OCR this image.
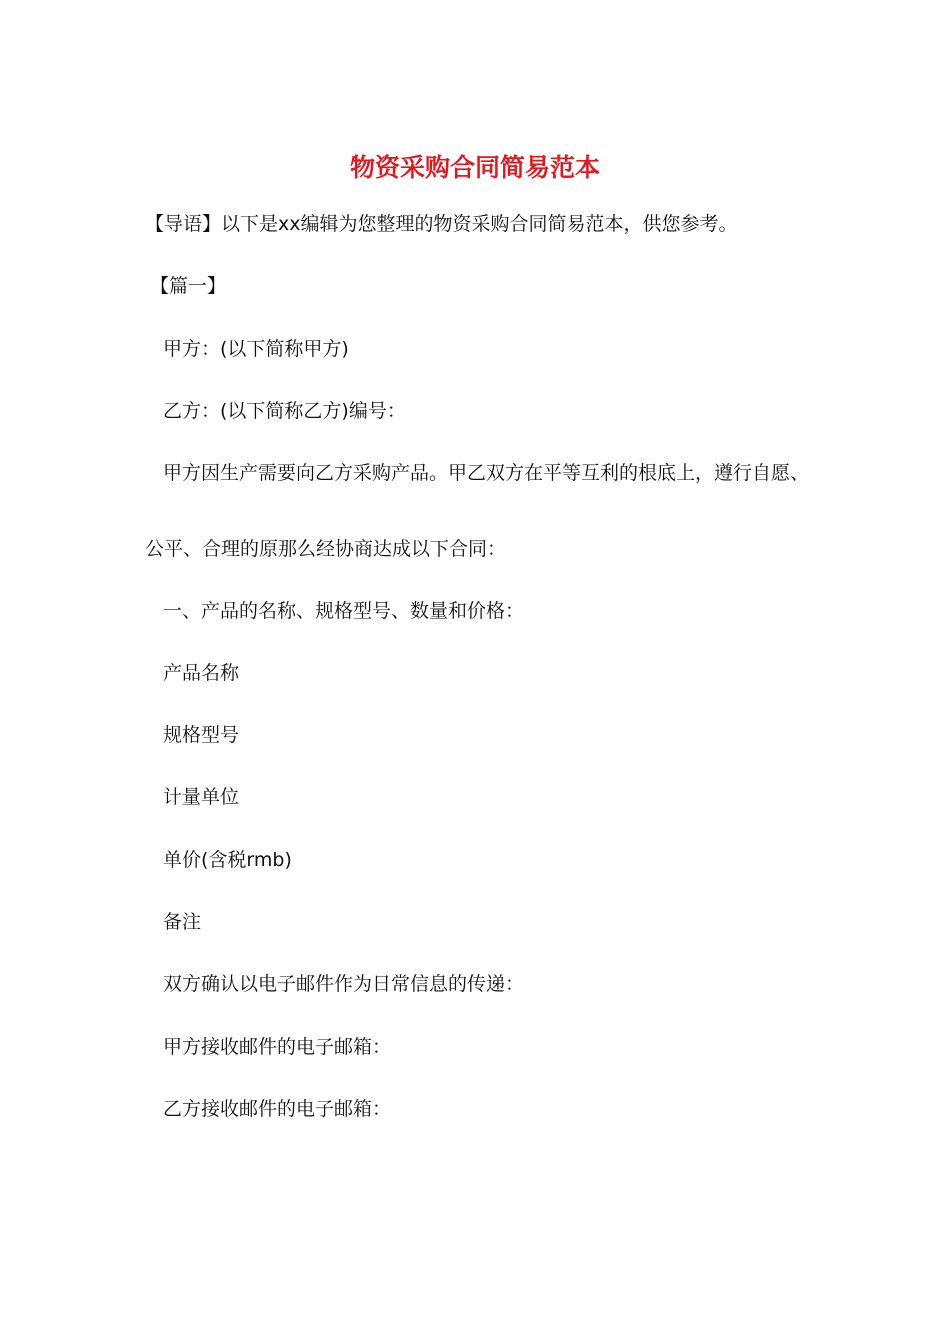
物资采购合同简易范本

【导语】以下是xx编辑为您整理的物资采购合同简易范本，供您参考。

【篇一】

甲方：(以下简称甲方)

乙方：(以下简称乙方)编号：

甲方因生产需要向乙方采购产品。甲乙双方在平等互利的根底上，遵行自愿、

公平、合理的原那么经协商达成以下合同：

一、产品的名称、规格型号、数量和价格：

产品名称

规格型号

计量单位

单价(含税rmb)

备注

双方确认以电子邮件作为日常信息的传递：

甲方接收邮件的电子邮箱：

乙方接收邮件的电子邮箱：
